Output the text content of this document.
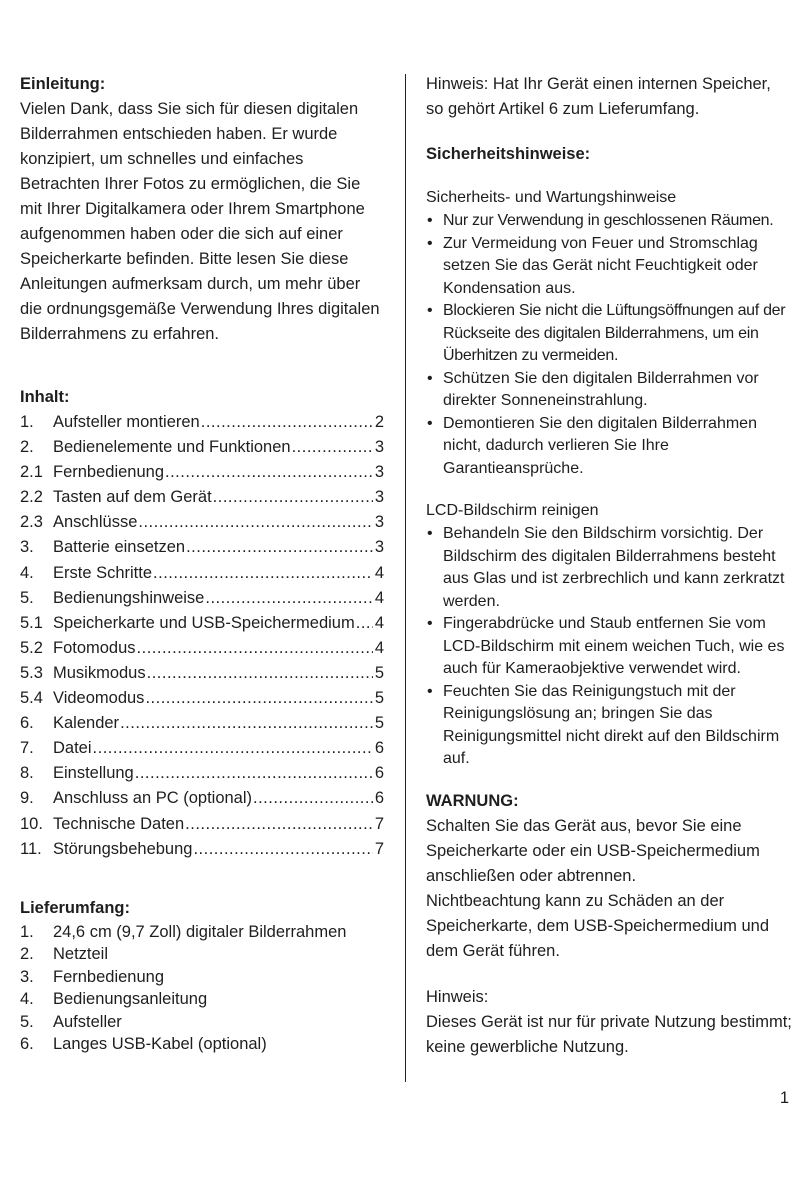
Einleitung:

Vielen Dank, dass Sie sich für diesen digitalen Bilderrahmen entschieden haben. Er wurde konzipiert, um schnelles und einfaches Betrachten Ihrer Fotos zu ermöglichen, die Sie mit Ihrer Digitalkamera oder Ihrem Smartphone aufgenommen haben oder die sich auf einer Speicherkarte befinden. Bitte lesen Sie diese Anleitungen aufmerksam durch, um mehr über die ordnungsgemäße Verwendung Ihres digitalen Bilderrahmens zu erfahren.

Inhalt:
1.	Aufsteller montieren .....	2
2.	Bedienelemente und Funktionen .....	3
2.1 Fernbedienung .....	3
2.2 Tasten auf dem Gerät .....	3
2.3 Anschlüsse .....	3
3.	Batterie einsetzen .....	3
4.	Erste Schritte .....	4
5.	Bedienungshinweise .....	4
5.1 Speicherkarte und USB-Speichermedium ..... 4
5.2 Fotomodus .....	4
5.3 Musikmodus .....	5
5.4 Videomodus .....	5
6.	Kalender .....	5
7.	Datei .....	6
8.	Einstellung .....	6
9.	Anschluss an PC (optional) .....	6
10. Technische Daten .....	7
11. Störungsbehebung .....	7
Lieferumfang:
1.	24,6 cm (9,7 Zoll) digitaler Bilderrahmen
2.	Netzteil
3.	Fernbedienung
4.	Bedienungsanleitung
5.	Aufsteller
6.	Langes USB-Kabel (optional)

Hinweis: Hat Ihr Gerät einen internen Speicher, so gehört Artikel 6 zum Lieferumfang.

Sicherheitshinweise:

Sicherheits- und Wartungshinweise

• Nur zur Verwendung in geschlossenen Räumen.
• Zur Vermeidung von Feuer und Stromschlag setzen Sie das Gerät nicht Feuchtigkeit oder Kondensation aus.
• Blockieren Sie nicht die Lüftungsöffnungen auf der Rückseite des digitalen Bilderrahmens, um ein Überhitzen zu vermeiden.
• Schützen Sie den digitalen Bilderrahmen vor direkter Sonneneinstrahlung.
• Demontieren Sie den digitalen Bilderrahmen nicht, dadurch verlieren Sie Ihre Garantieansprüche.

LCD-Bildschirm reinigen

• Behandeln Sie den Bildschirm vorsichtig. Der Bildschirm des digitalen Bilderrahmens besteht aus Glas und ist zerbrechlich und kann zerkratzt werden.
• Fingerabdrücke und Staub entfernen Sie vom LCD-Bildschirm mit einem weichen Tuch, wie es auch für Kameraobjektive verwendet wird.
• Feuchten Sie das Reinigungstuch mit der Reinigungslösung an; bringen Sie das Reinigungsmittel nicht direkt auf den Bildschirm auf.
WARNUNG:

Schalten Sie das Gerät aus, bevor Sie eine Speicherkarte oder ein USB-Speichermedium anschließen oder abtrennen.

Nichtbeachtung kann zu Schäden an der Speicherkarte, dem USB-Speichermedium und dem Gerät führen.

Hinweis:

Dieses Gerät ist nur für private Nutzung bestimmt; keine gewerbliche Nutzung.

1
